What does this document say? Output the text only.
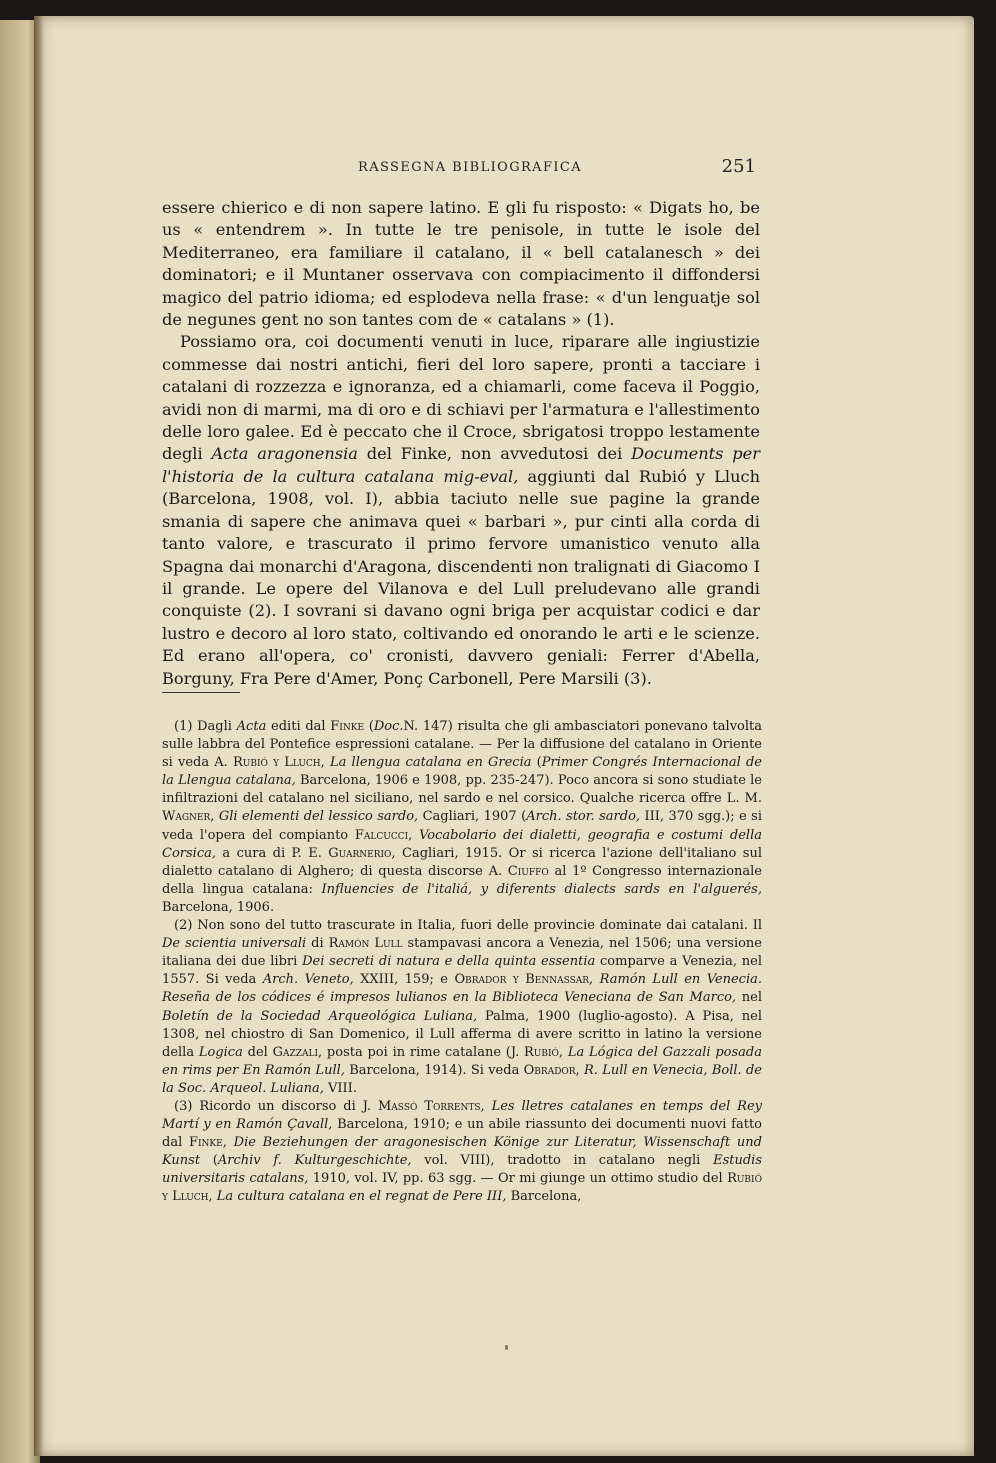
RASSEGNA BIBLIOGRAFICA	251

essere chierico e di non sapere latino. E gli fu risposto: « Digats ho, be us « entendrem ». In tutte le tre penisole, in tutte le isole del Mediterraneo, era familiare il catalano, il « bell catalanesch » dei dominatori; e il Muntaner osservava con compiacimento il diffondersi magico del patrio idioma; ed esplodeva nella frase: « d'un lenguatje sol de negunes gent no son tantes com de « catalans » (1).

Possiamo ora, coi documenti venuti in luce, riparare alle ingiustizie commesse dai nostri antichi, fieri del loro sapere, pronti a tacciare i catalani di rozzezza e ignoranza, ed a chiamarli, come faceva il Poggio, avidi non di marmi, ma di oro e di schiavi per l'armatura e l'allestimento delle loro galee. Ed è peccato che il Croce, sbrigatosi troppo lestamente degli Acta aragonensia del Finke, non avvedutosi dei Documents per l'historia de la cultura catalana mig-eval, aggiunti dal Rubió y Lluch (Barcelona, 1908, vol. I), abbia taciuto nelle sue pagine la grande smania di sapere che animava quei « barbari », pur cinti alla corda di tanto valore, e trascurato il primo fervore umanistico venuto alla Spagna dai monarchi d'Aragona, discendenti non tralignati di Giacomo I il grande. Le opere del Vilanova e del Lull preludevano alle grandi conquiste (2). I sovrani si davano ogni briga per acquistar codici e dar lustro e decoro al loro stato, coltivando ed onorando le arti e le scienze. Ed erano all'opera, co' cronisti, davvero geniali: Ferrer d'Abella, Borguny, Fra Pere d'Amer, Ponç Carbonell, Pere Marsili (3).

(1) Dagli Acta editi dal Finke (Doc.N. 147) risulta che gli ambasciatori ponevano talvolta sulle labbra del Pontefice espressioni catalane. — Per la diffusione del catalano in Oriente si veda A. Rubió y Lluch, La llengua catalana en Grecia (Primer Congrés Internacional de la Llengua catalana, Barcelona, 1906 e 1908, pp. 235-247). Poco ancora si sono studiate le infiltrazioni del catalano nel siciliano, nel sardo e nel corsico. Qualche ricerca offre L. M. Wagner, Gli elementi del lessico sardo, Cagliari, 1907 (Arch. stor. sardo, III, 370 sgg.); e si veda l'opera del compianto Falcucci, Vocabolario dei dialetti, geografia e costumi della Corsica, a cura di P. E. Guarnerio, Cagliari, 1915. Or si ricerca l'azione dell'italiano sul dialetto catalano di Alghero; di questa discorse A. Ciuffo al 1º Congresso internazionale della lingua catalana: Influencies de l'italiá, y diferents dialects sards en l'alguerés, Barcelona, 1906.

(2) Non sono del tutto trascurate in Italia, fuori delle provincie dominate dai catalani. Il De scientia universali di Ramón Lull stampavasi ancora a Venezia, nel 1506; una versione italiana dei due libri Dei secreti di natura e della quinta essentia comparve a Venezia, nel 1557. Si veda Arch. Veneto, XXIII, 159; e Obrador y Bennassar, Ramón Lull en Venecia. Reseña de los códices é impresos lulianos en la Biblioteca Veneciana de San Marco, nel Boletín de la Sociedad Arqueológica Luliana, Palma, 1900 (luglio-agosto). A Pisa, nel 1308, nel chiostro di San Domenico, il Lull afferma di avere scritto in latino la versione della Logica del Gazzali, posta poi in rime catalane (J. Rubió, La Lógica del Gazzali posada en rims per En Ramón Lull, Barcelona, 1914). Si veda Obrador, R. Lull en Venecia, Boll. de la Soc. Arqueol. Luliana, VIII.

(3) Ricordo un discorso di J. Massó Torrents, Les lletres catalanes en temps del Rey Martí y en Ramón Çavall, Barcelona, 1910; e un abile riassunto dei documenti nuovi fatto dal Finke, Die Beziehungen der aragonesischen Könige zur Literatur, Wissenschaft und Kunst (Archiv f. Kulturgeschichte, vol. VIII), tradotto in catalano negli Estudis universitaris catalans, 1910, vol. IV, pp. 63 sgg. — Or mi giunge un ottimo studio del Rubió y Lluch, La cultura catalana en el regnat de Pere III, Barcelona,
